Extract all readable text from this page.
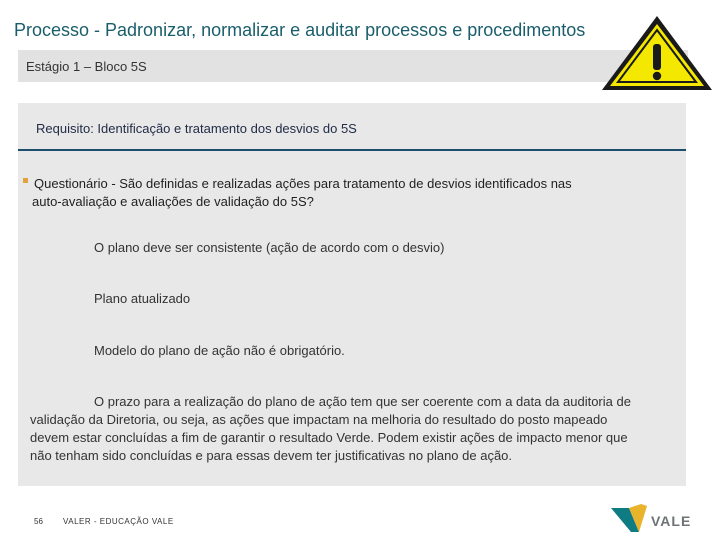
Processo - Padronizar, normalizar e auditar processos e procedimentos
Estágio 1 – Bloco 5S
Requisito: Identificação e tratamento dos desvios do 5S
Questionário - São definidas e realizadas ações para tratamento de desvios identificados nas
auto-avaliação e avaliações de validação do 5S?
O plano deve ser consistente (ação de acordo com o desvio)
Plano atualizado
Modelo do plano de ação não é obrigatório.
O prazo para a realização do plano de ação tem que ser coerente com a data da auditoria de
validação da Diretoria, ou seja, as ações que impactam na melhoria do resultado do posto mapeado
devem estar concluídas a fim de garantir o resultado Verde. Podem existir ações de impacto menor que
não tenham sido concluídas e para essas devem ter justificativas no plano de ação.
56	VALER - EDUCAÇÃO VALE	VALE
